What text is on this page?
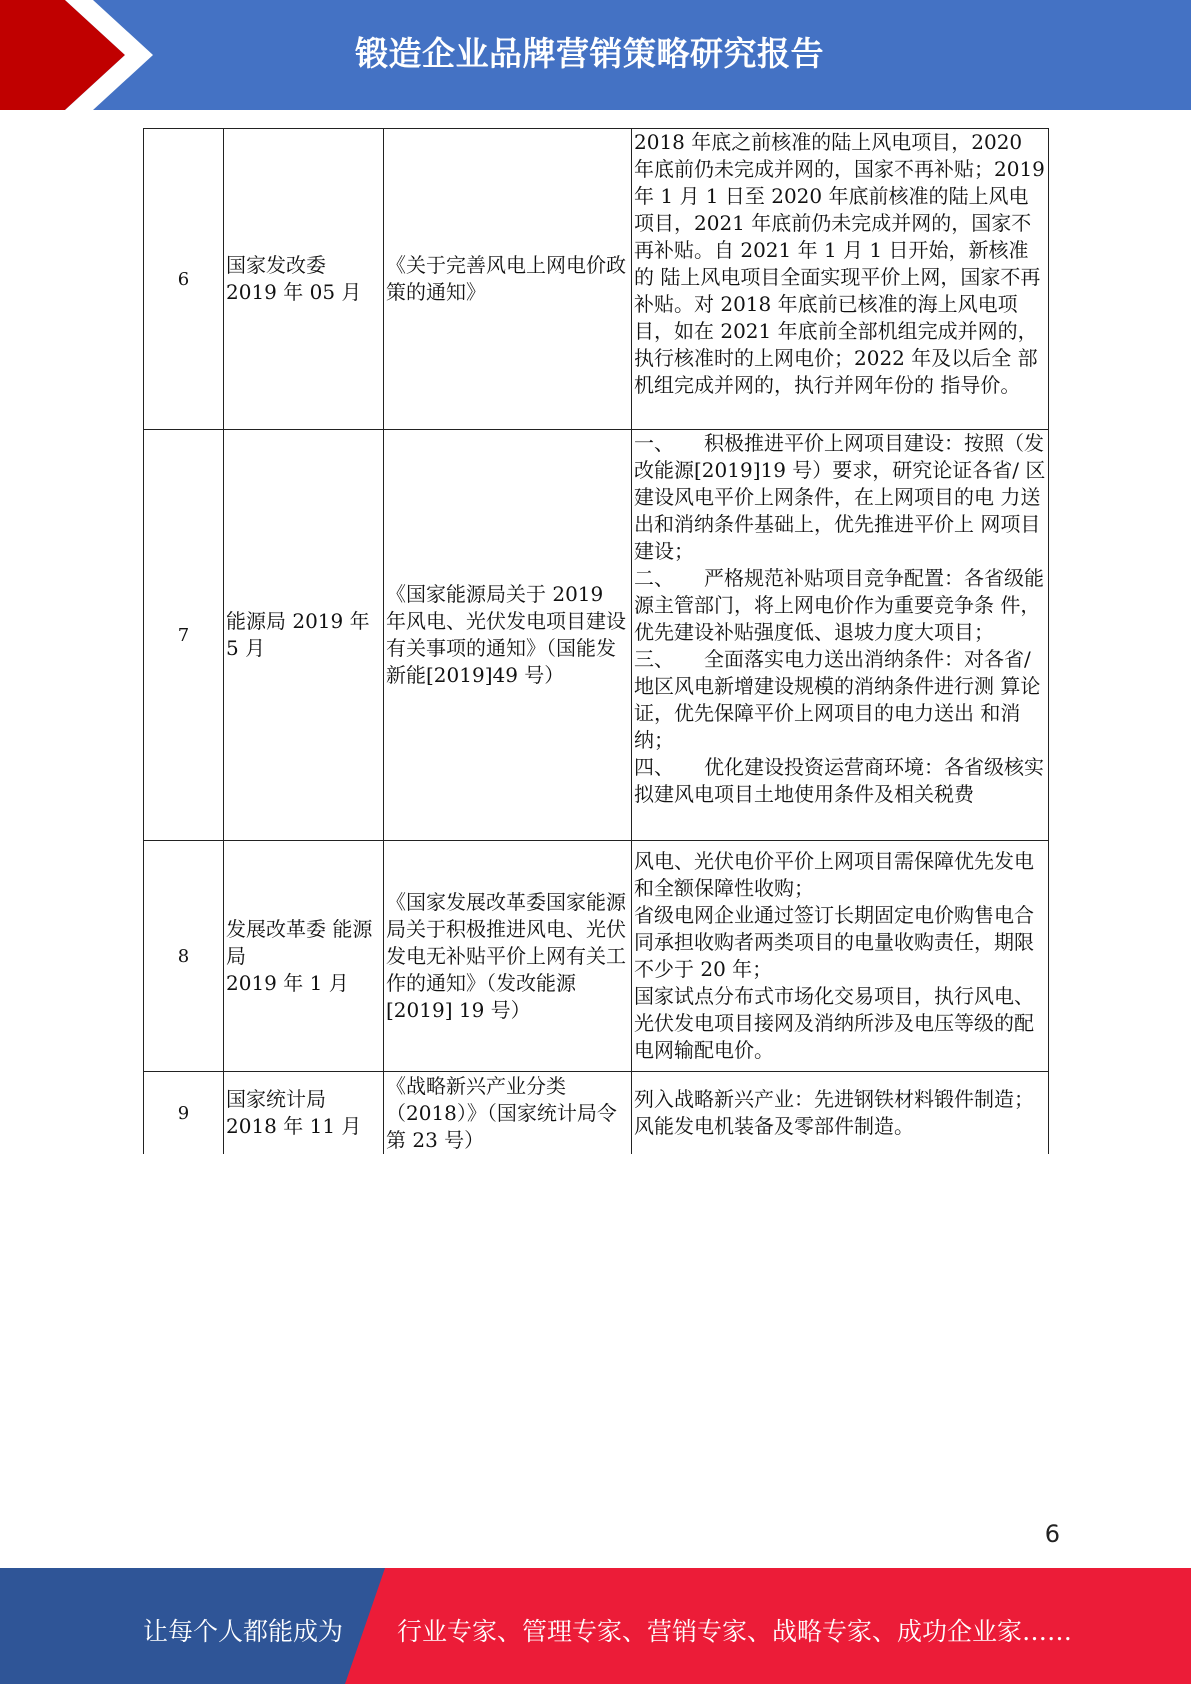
锻造企业品牌营销策略研究报告
6

国家发改委

2019 年 05 月

《关于完善风电上网电价政策的通知》

2018 年底之前核准的陆上风电项目，2020 年底前仍未完成并网的，国家不再补贴；2019 年 1 月 1 日至 2020 年底前核准的陆上风电项目，2021 年底前仍未完成并网的，国家不再补贴。自 2021 年 1 月 1 日开始，新核准的 陆上风电项目全面实现平价上网，国家不再 补贴。对 2018 年底前已核准的海上风电项 目，如在 2021 年底前全部机组完成并网的， 执行核准时的上网电价；2022 年及以后全 部机组完成并网的，执行并网年份的 指导价。

7

能源局 2019 年 5 月

《国家能源局关于 2019 年风电、光伏发电项目建设有关事项的通知》（国能发新能[2019]49 号）

一、　　积极推进平价上网项目建设：按照（发 改能源[2019]19 号）要求，研究论证各省/ 区建设风电平价上网条件，在上网项目的电 力送出和消纳条件基础上，优先推进平价上 网项目建设；

二、　　严格规范补贴项目竞争配置：各省级能 源主管部门，将上网电价作为重要竞争条 件，优先建设补贴强度低、退坡力度大项目；

三、　　全面落实电力送出消纳条件：对各省/ 地区风电新增建设规模的消纳条件进行测 算论证，优先保障平价上网项目的电力送出 和消纳；

四、　　优化建设投资运营商环境：各省级核实 拟建风电项目土地使用条件及相关税费

8

发展改革委 能源局

2019 年 1 月

《国家发展改革委国家能源局关于积极推进风电、光伏发电无补贴平价上网有关工作的通知》（发改能源[2019] 19 号）

风电、光伏电价平价上网项目需保障优先发电和全额保障性收购；

省级电网企业通过签订长期固定电价购售电合同承担收购者两类项目的电量收购责任，期限不少于 20 年；

国家试点分布式市场化交易项目，执行风电、光伏发电项目接网及消纳所涉及电压等级的配电网输配电价。

9

国家统计局

2018 年 11 月

《战略新兴产业分类（2018）》（国家统计局令第 23 号）

列入战略新兴产业：先进钢铁材料锻件制造；风能发电机装备及零部件制造。

6
让每个人都能成为 行业专家、管理专家、营销专家、战略专家、成功企业家……
